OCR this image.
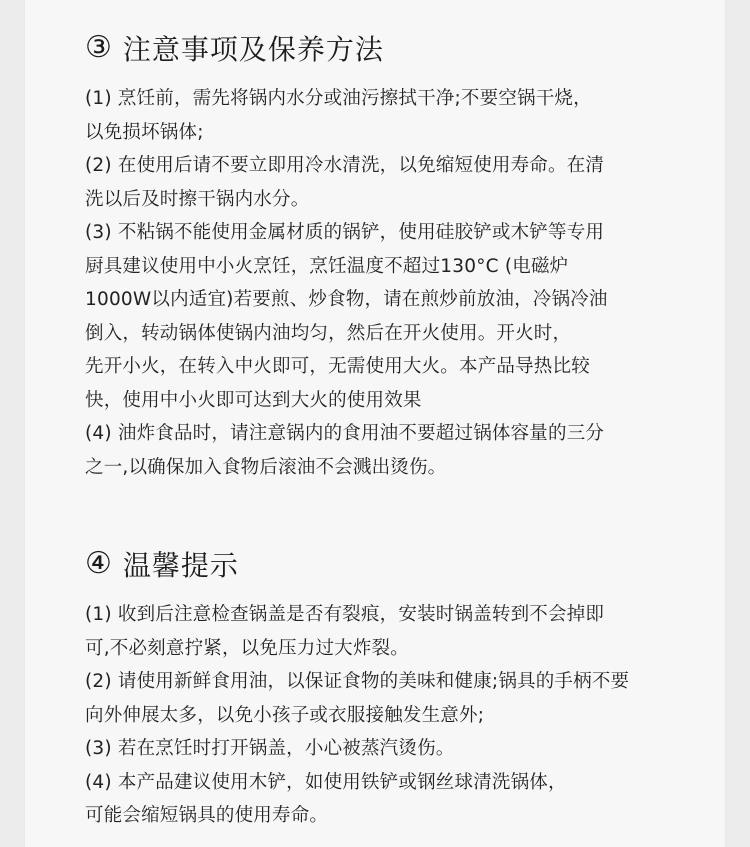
③ 注意事项及保养方法
(1) 烹饪前，需先将锅内水分或油污擦拭干净;不要空锅干烧，
以免损坏锅体;
(2) 在使用后请不要立即用冷水清洗，以免缩短使用寿命。在清
洗以后及时擦干锅内水分。
(3) 不粘锅不能使用金属材质的锅铲，使用硅胶铲或木铲等专用
厨具建议使用中小火烹饪，烹饪温度不超过130°C (电磁炉
1000W以内适宜)若要煎、炒食物，请在煎炒前放油，冷锅冷油
倒入，转动锅体使锅内油均匀，然后在开火使用。开火时，
先开小火，在转入中火即可，无需使用大火。本产品导热比较
快，使用中小火即可达到大火的使用效果
(4) 油炸食品时，请注意锅内的食用油不要超过锅体容量的三分
之一,以确保加入食物后滚油不会溅出烫伤。
④ 温馨提示
(1) 收到后注意检查锅盖是否有裂痕，安装时锅盖转到不会掉即
可,不必刻意拧紧，以免压力过大炸裂。
(2) 请使用新鲜食用油，以保证食物的美味和健康;锅具的手柄不要
向外伸展太多，以免小孩子或衣服接触发生意外;
(3) 若在烹饪时打开锅盖，小心被蒸汽烫伤。
(4) 本产品建议使用木铲，如使用铁铲或钢丝球清洗锅体，
可能会缩短锅具的使用寿命。
